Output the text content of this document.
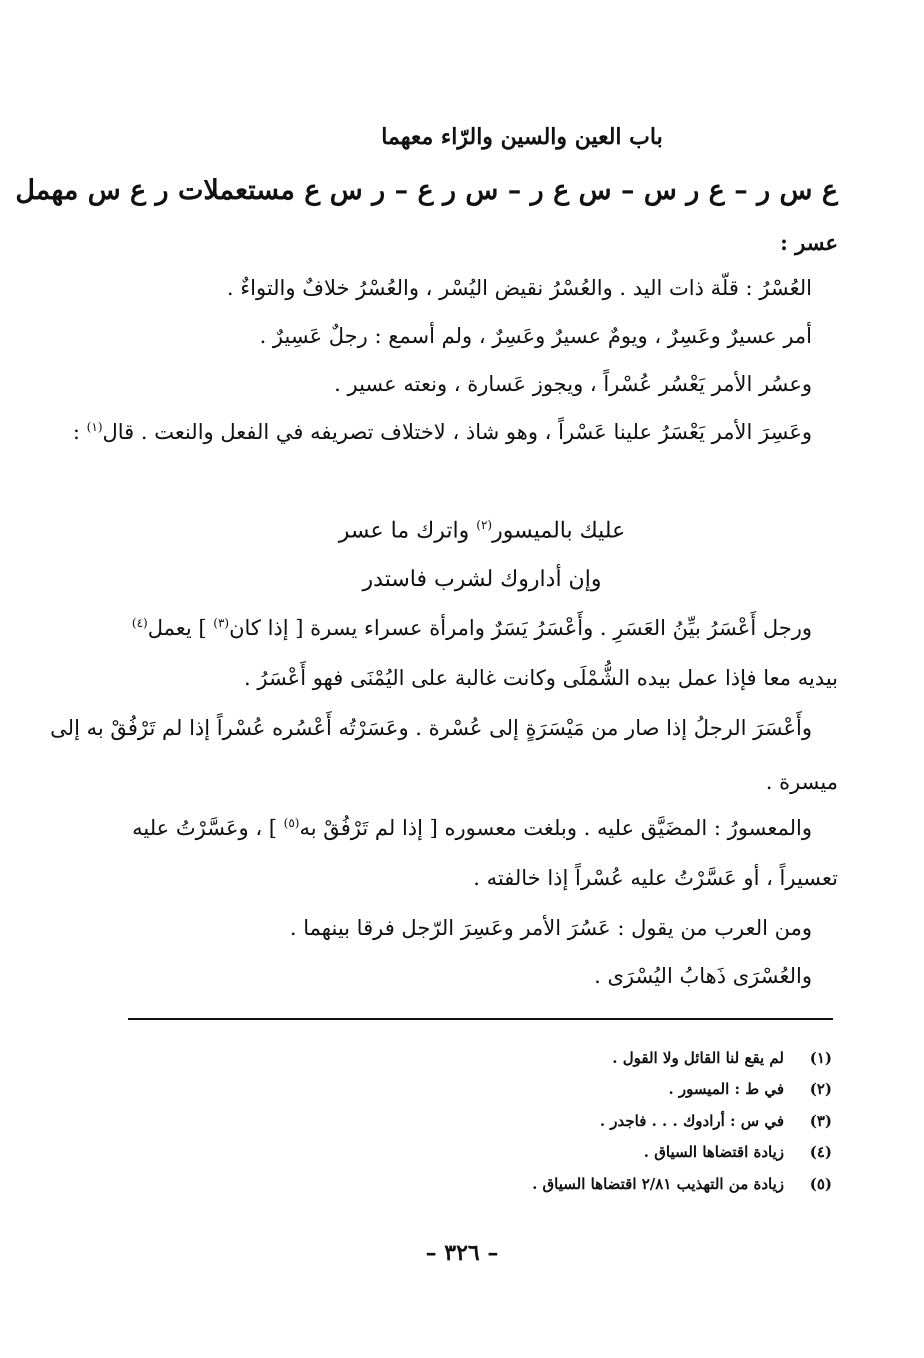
باب العين والسين والرّاء معهما
ع س ر – ع ر س – س ع ر – س ر ع – ر س ع مستعملات ر ع س مهمل
عسر :
العُسْرُ : قلّة ذات اليد . والعُسْرُ نقيض اليُسْر ، والعُسْرُ خلافٌ والتواءٌ .
أمر عسيرٌ وعَسِرٌ ، ويومٌ عسيرٌ وعَسِرٌ ، ولم أسمع : رجلٌ عَسِيرٌ .
وعسُر الأمر يَعْسُر عُسْراً ، ويجوز عَسارة ، ونعته عسير .
وعَسِرَ الأمر يَعْسَرُ علينا عَسْراً ، وهو شاذ ، لاختلاف تصريفه في الفعل والنعت . قال$^{(١)}$ :
عليك بالميسور$^{(٢)}$ واترك ما عسر
وإن أداروك لشرب فاستدر
ورجل أَعْسَرُ بيِّنُ العَسَرِ . وأَعْسَرُ يَسَرٌ وامرأة عسراء يسرة [ إذا كان$^{(٣)}$ ] يعمل$^{(٤)}$
بيديه معا فإذا عمل بيده الشُّمْلَى وكانت غالبة على اليُمْنَى فهو أَعْسَرُ .
وأَعْسَرَ الرجلُ إذا صار من مَيْسَرَةٍ إلى عُسْرة . وعَسَرْتُه أَعْسُره عُسْراً إذا لم تَرْفُقْ به إلى
ميسرة .
والمعسورُ : المضَيَّق عليه . وبلغت معسوره [ إذا لم تَرْفُقْ به$^{(٥)}$ ] ، وعَسَّرْتُ عليه
تعسيراً ، أو عَسَّرْتُ عليه عُسْراً إذا خالفته .
ومن العرب من يقول : عَسُرَ الأمر وعَسِرَ الرّجل فرقا بينهما .
والعُسْرَى ذَهابُ اليُسْرَى .
(١)
لم يقع لنا القائل ولا القول .
(٢)
في ط : الميسور .
(٣)
في س : أرادوك . . . فاجدر .
(٤)
زيادة اقتضاها السياق .
(٥)
زيادة من التهذيب ٢/٨١ اقتضاها السياق .
– ٣٢٦ –
